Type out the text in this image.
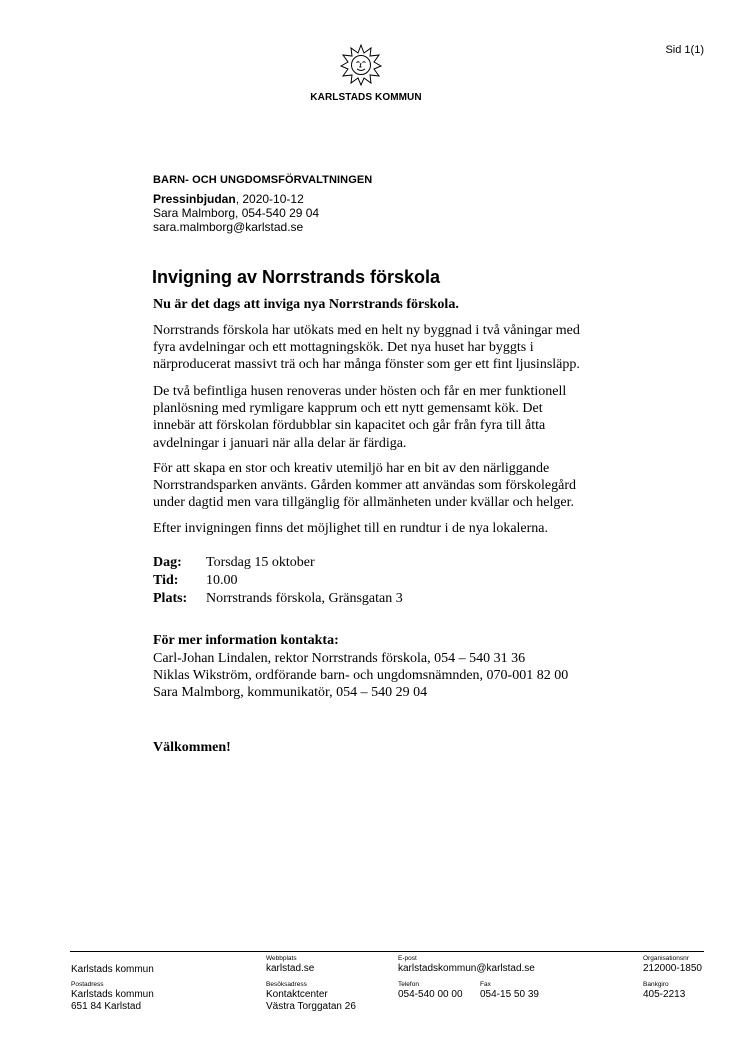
Sid 1(1)
KARLSTADS KOMMUN
BARN- OCH UNGDOMSFÖRVALTNINGEN
Pressinbjudan, 2020-10-12
Sara Malmborg, 054-540 29 04
sara.malmborg@karlstad.se
Invigning av Norrstrands förskola
Nu är det dags att inviga nya Norrstrands förskola.
Norrstrands förskola har utökats med en helt ny byggnad i två våningar med
fyra avdelningar och ett mottagningskök. Det nya huset har byggts i
närproducerat massivt trä och har många fönster som ger ett fint ljusinsläpp.
De två befintliga husen renoveras under hösten och får en mer funktionell
planlösning med rymligare kapprum och ett nytt gemensamt kök. Det
innebär att förskolan fördubblar sin kapacitet och går från fyra till åtta
avdelningar i januari när alla delar är färdiga.
För att skapa en stor och kreativ utemiljö har en bit av den närliggande
Norrstrandsparken använts. Gården kommer att användas som förskolegård
under dagtid men vara tillgänglig för allmänheten under kvällar och helger.
Efter invigningen finns det möjlighet till en rundtur i de nya lokalerna.
Dag: Torsdag 15 oktober
Tid: 10.00
Plats: Norrstrands förskola, Gränsgatan 3
För mer information kontakta:
Carl-Johan Lindalen, rektor Norrstrands förskola, 054 – 540 31 36
Niklas Wikström, ordförande barn- och ungdomsnämnden, 070-001 82 00
Sara Malmborg, kommunikatör, 054 – 540 29 04
Välkommen!
Karlstads kommun
Webbplats
karlstad.se
E-post
karlstadskommun@karlstad.se
Organisationsnr
212000-1850
Postadress
Karlstads kommun
651 84 Karlstad
Besöksadress
Kontaktcenter
Västra Torggatan 26
Telefon
054-540 00 00
Fax
054-15 50 39
Bankgiro
405-2213
